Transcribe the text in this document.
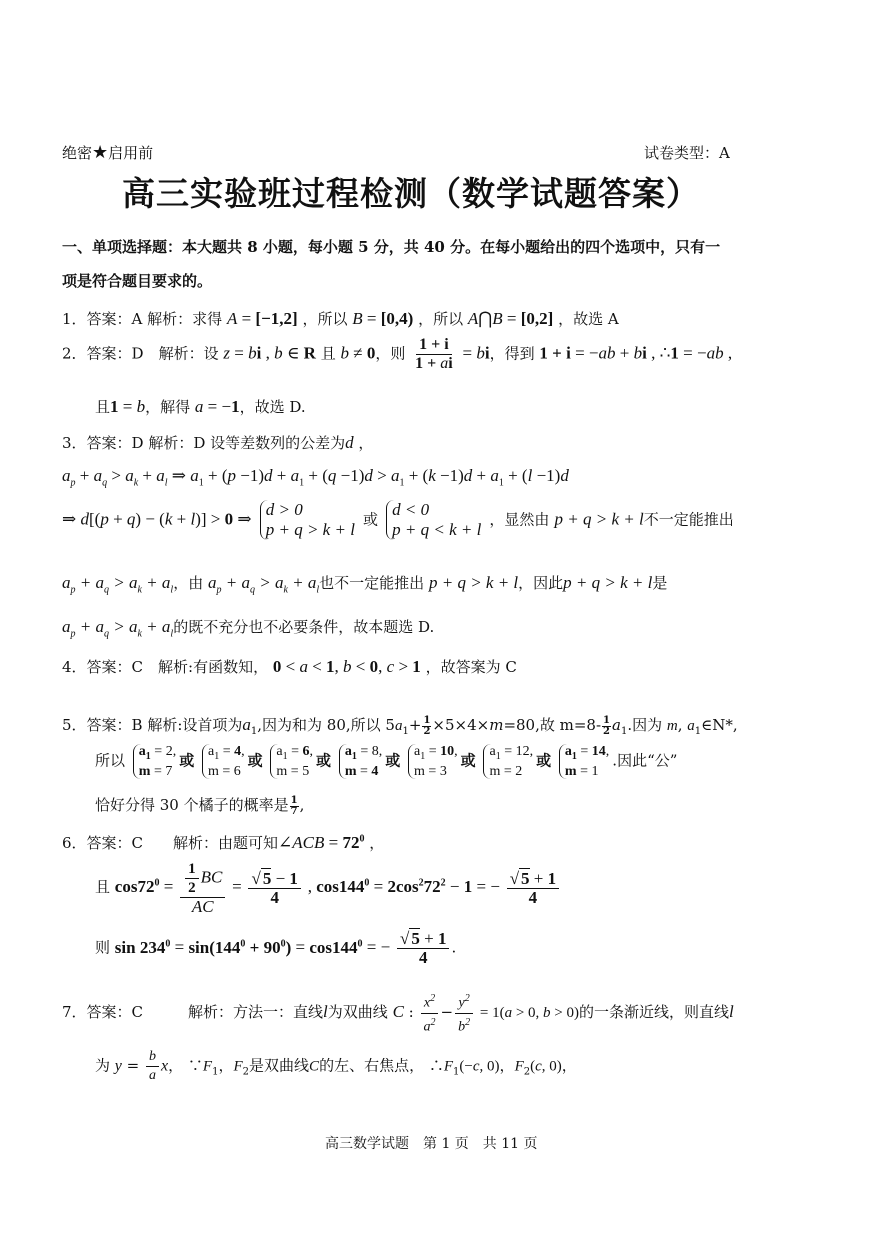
绝密★启用前	试卷类型：A
高三实验班过程检测（数学试题答案）
一、单项选择题：本大题共 8 小题，每小题 5 分，共 40 分。在每小题给出的四个选项中，只有一
项是符合题目要求的。
1．答案：A 解析：求得 A = [−1,2] ，所以 B = [0,4) ，所以 A⋂B = [0,2] ，故选 A
2．答案：D　解析：设 z = bi , b ∈ R 且 b ≠ 0，则 $\frac{1 + i}{1 + ai}$ = bi，得到 1 + i = −ab + bi , ∴1 = −ab ,
且1 = b，解得 a = −1，故选 D.
3．答案：D 解析：D 设等差数列的公差为d ，
$a_p + a_q > a_k + a_l$ ⇒ $a_1 + (p -1)d + a_1 + (q -1)d > a_1 + (k -1)d + a_1 + (l -1)d$
⇒ d[(p + q) − (k + l)] > 0 ⇒ d > 0
p + q > k + l 或 d < 0
p + q < k + l ，显然由 p + q > k + l不一定能推出
$a_p + a_q > a_k + a_l$，由 $a_p + a_q > a_k + a_l$也不一定能推出 p + q > k + l，因此p + q > k + l是
$a_p + a_q > a_k + a_l$的既不充分也不必要条件，故本题选 D.
4．答案：C　解析:有函数知， 0 < a < 1, b < 0, c > 1 ，故答案为 C
5．答案：B 解析:设首项为$a_1$,因为和为 80,所以 $5a_1+ \frac{1}{2} \times 5\times 4\times m=80$,故 $m=8- \frac{1}{2} a_1$.因为 m, $a_1\in N*$,
所以 $a_1 = 2$,
m = 7或 $a_1 = 4$,
m = 6或 $a_1 = 6$,
m = 5或 $a_1 = 8$,
m = 4或 $a_1 = 10$,
m = 3或 $a_1 = 12$,
m = 2或 $a_1 = 14$,
m = 1.因此“公”
恰好分得 30 个橘子的概率是 $\frac{1}{7}$ ,
6．答案：C　　解析：由题可知∠ACB = $72^0$ ，
且 $\cos 72^0 = \frac{\frac{1}{2} BC}{AC} = \frac{√ 5 - 1}{4}$ , $\cos 144^0 = 2\cos^272^2 - 1$ = − $\frac{√ 5 + 1}{4}$
则 $\sin 234^0 = \sin(144^0 + 90^0) = \cos 144^0$ = − $\frac{√ 5 + 1}{4}$ .
7．答案：C　　　解析：方法一：直线l为双曲线 C : $\frac{x^2}{a^2} - \frac{y^2}{b^2} = 1(a > 0$, b > 0)的一条渐近线，则直线l
为 $y = \frac{b}{a}$ x， $\because F_1$，$F_2$是双曲线C的左、右焦点， $\therefore F_1(-c$, 0)，$F_2(c$, 0)，
高三数学试题　第 1 页　共 11 页
